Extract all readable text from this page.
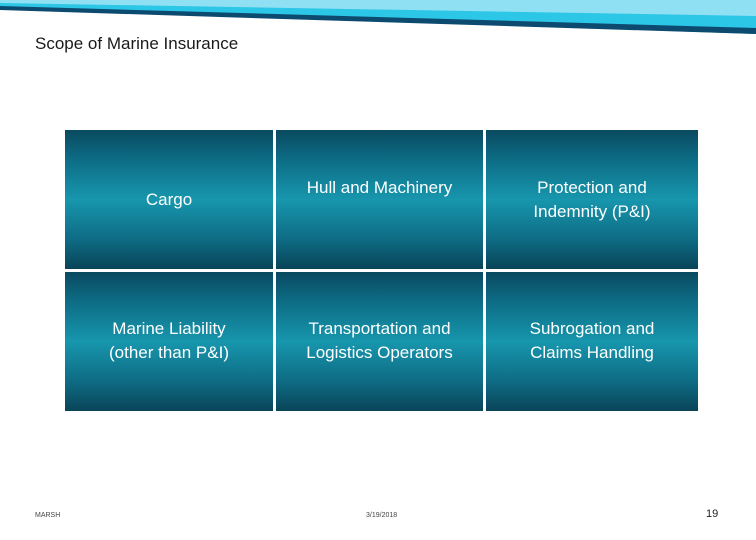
Scope of Marine Insurance
Cargo
Hull and Machinery	Protection and
Indemnity (P&I)
Marine Liability
(other than P&I)
Transportation and
Logistics Operators
Subrogation and
Claims Handling
MARSH	3/19/2018	19
